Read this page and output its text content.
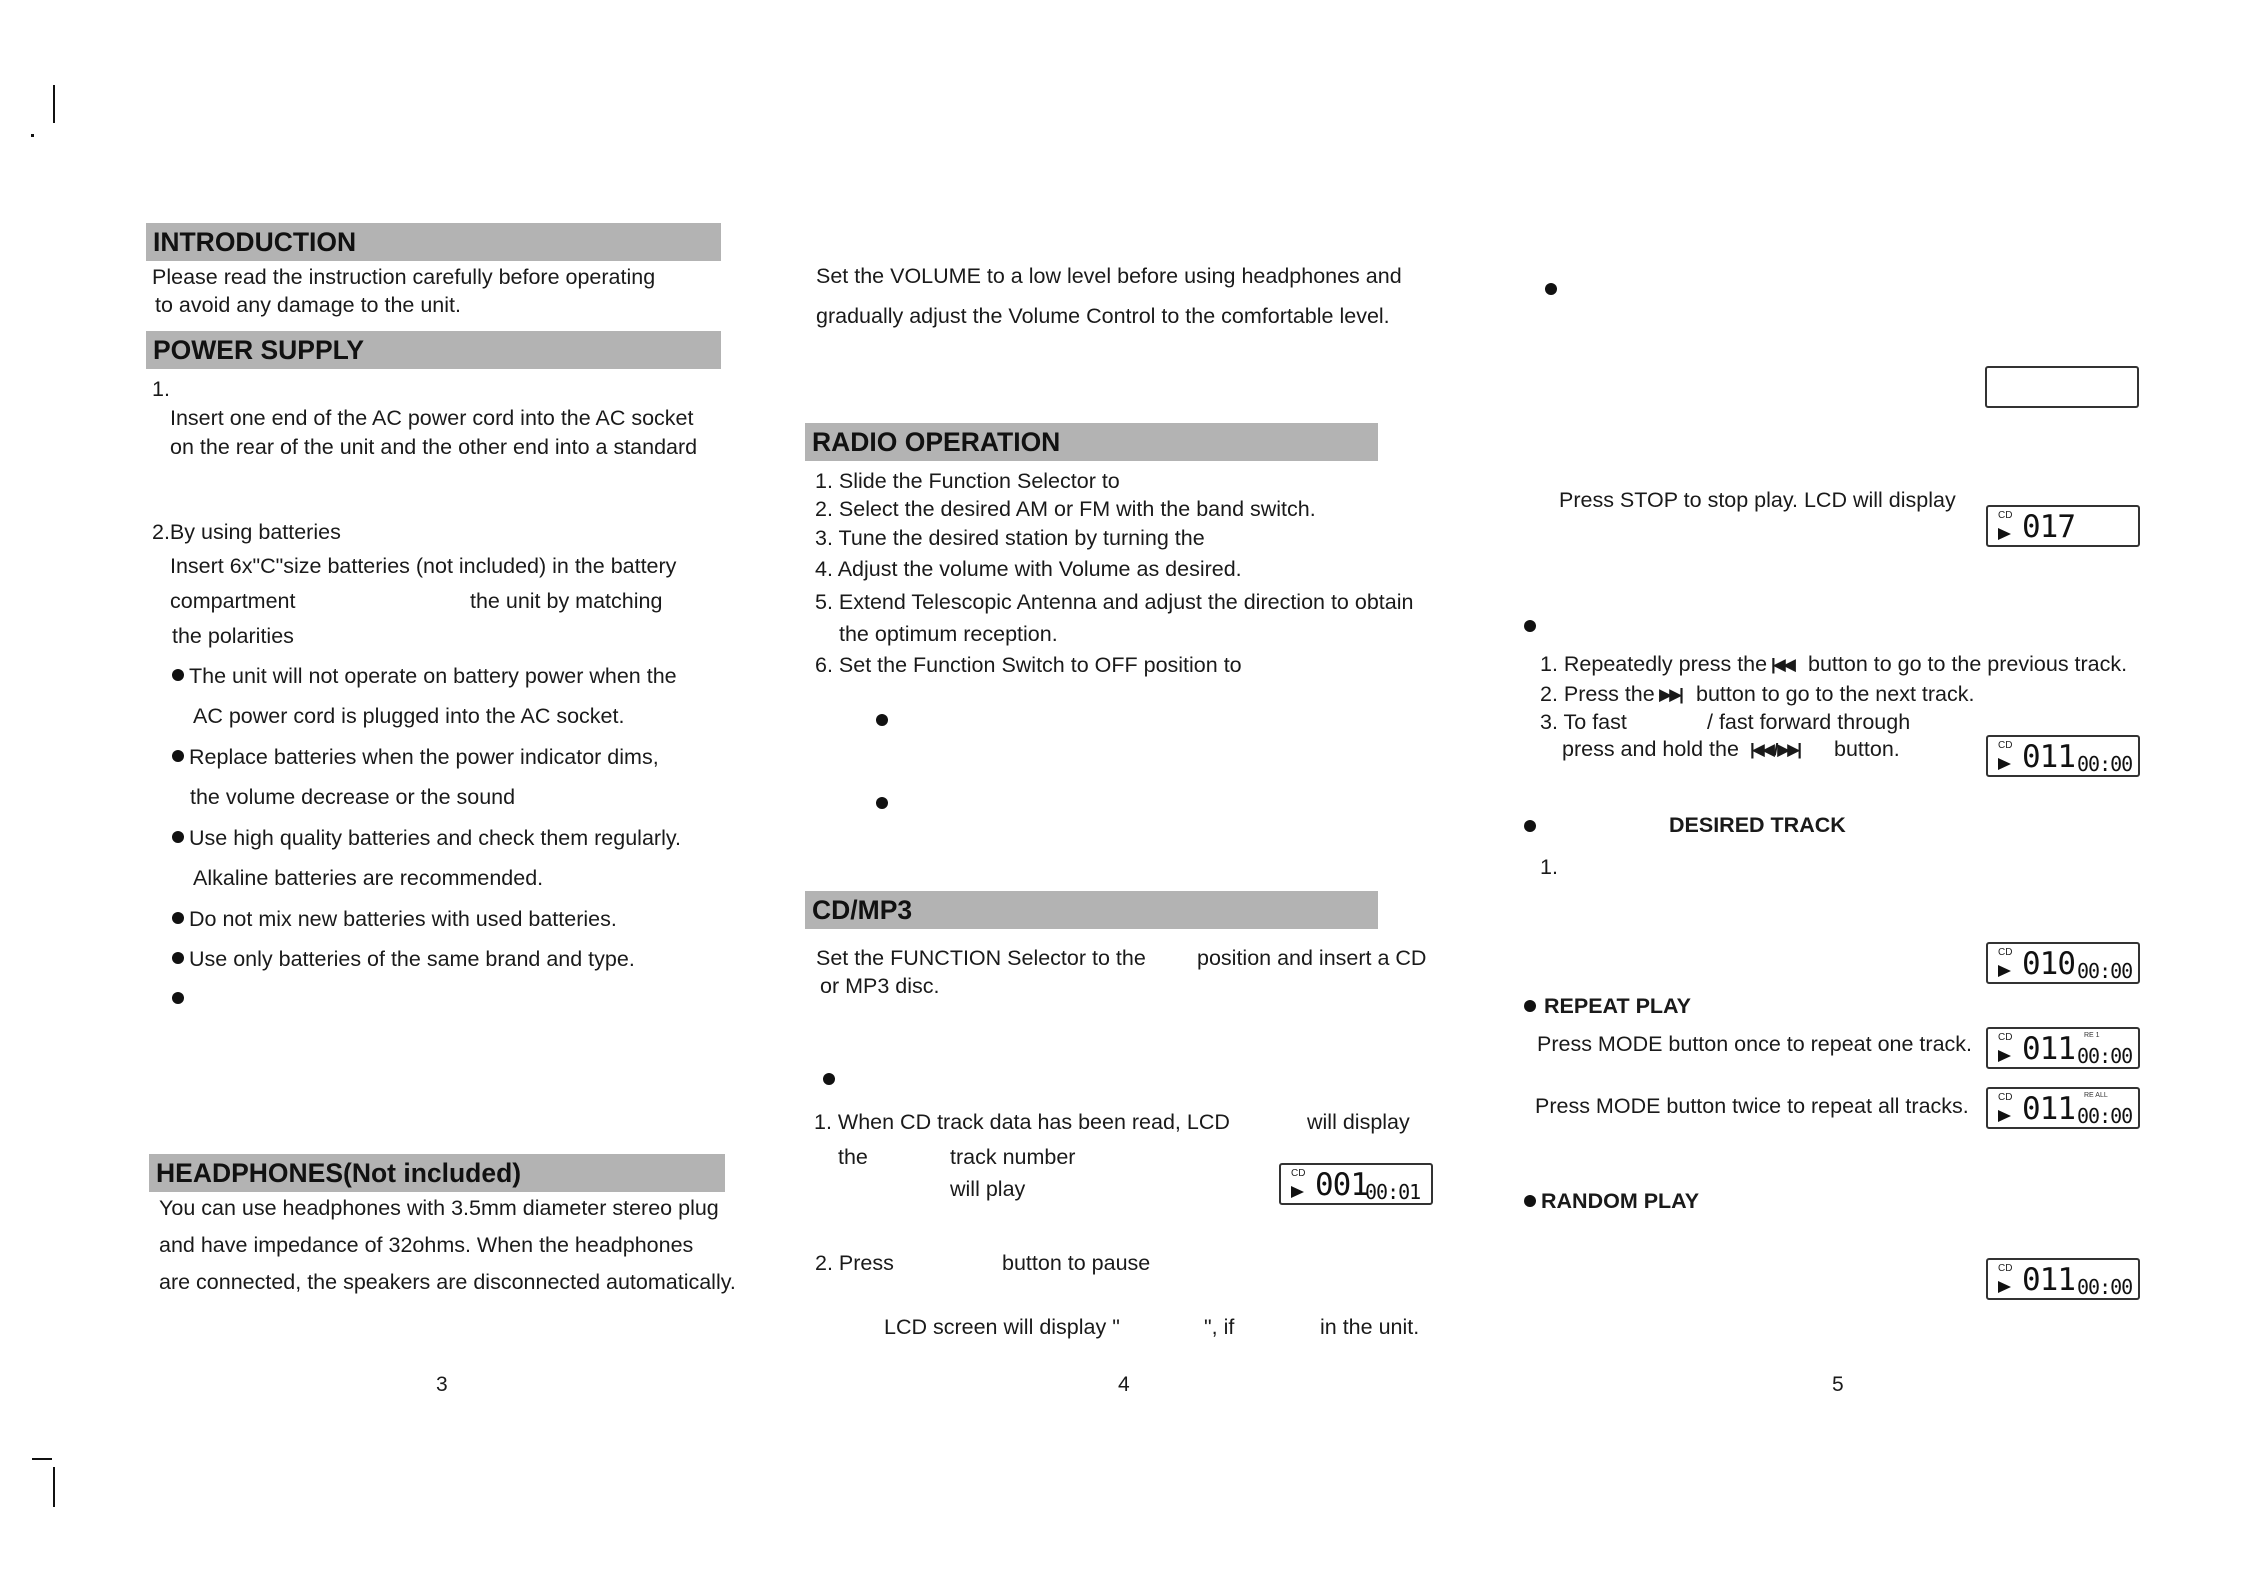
INTRODUCTION
Please read the instruction carefully before operating
to avoid any damage to the unit.
POWER SUPPLY
1.
Insert one end of the AC power cord into the AC socket
on the rear of the unit and the other end into a standard
2.By using batteries
Insert 6x"C"size batteries (not included) in the battery
compartment	the unit by matching
the polarities
The unit will not operate on battery power when the
AC power cord is plugged into the AC socket.
Replace batteries when the power indicator dims,
the volume decrease or the sound
Use high quality batteries and check them regularly.
Alkaline batteries are recommended.
Do not mix new batteries with used batteries.
Use only batteries of the same brand and type.
HEADPHONES(Not included)
You can use headphones with 3.5mm diameter stereo plug
and have impedance of 32ohms. When the headphones
are connected, the speakers are disconnected automatically.
3
Set the VOLUME to a low level before using headphones and
gradually adjust the Volume Control to the comfortable level.
RADIO OPERATION
1. Slide the Function Selector to
2. Select the desired AM or FM with the band switch.
3. Tune the desired station by turning the
4. Adjust the volume with Volume as desired.
5. Extend Telescopic Antenna and adjust the direction to obtain
the optimum reception.
6. Set the Function Switch to OFF position to
CD/MP3
Set the FUNCTION Selector to the position and insert a CD
or MP3 disc.
1. When CD track data has been read, LCD	will display
the	track number
will play
CD 001
00:01
2. Press	button to pause
LCD screen will display "	", if	in the unit.
4
Press STOP to stop play. LCD will display
CD 017
1. Repeatedly press the |◀◀ button to go to the previous track.
2. Press the ▶▶| button to go to the next track.
3. To fast	/ fast forward through
press and hold the |◀◀ / ▶▶| button.	CD 011 00:00
DESIRED TRACK
1.
CD 010 00:00
REPEAT PLAY
Press MODE button once to repeat one track.	CD	RE 1
011 00:00
Press MODE button twice to repeat all tracks.	CD	RE ALL
011 00:00
RANDOM PLAY
CD 011 00:00
5
